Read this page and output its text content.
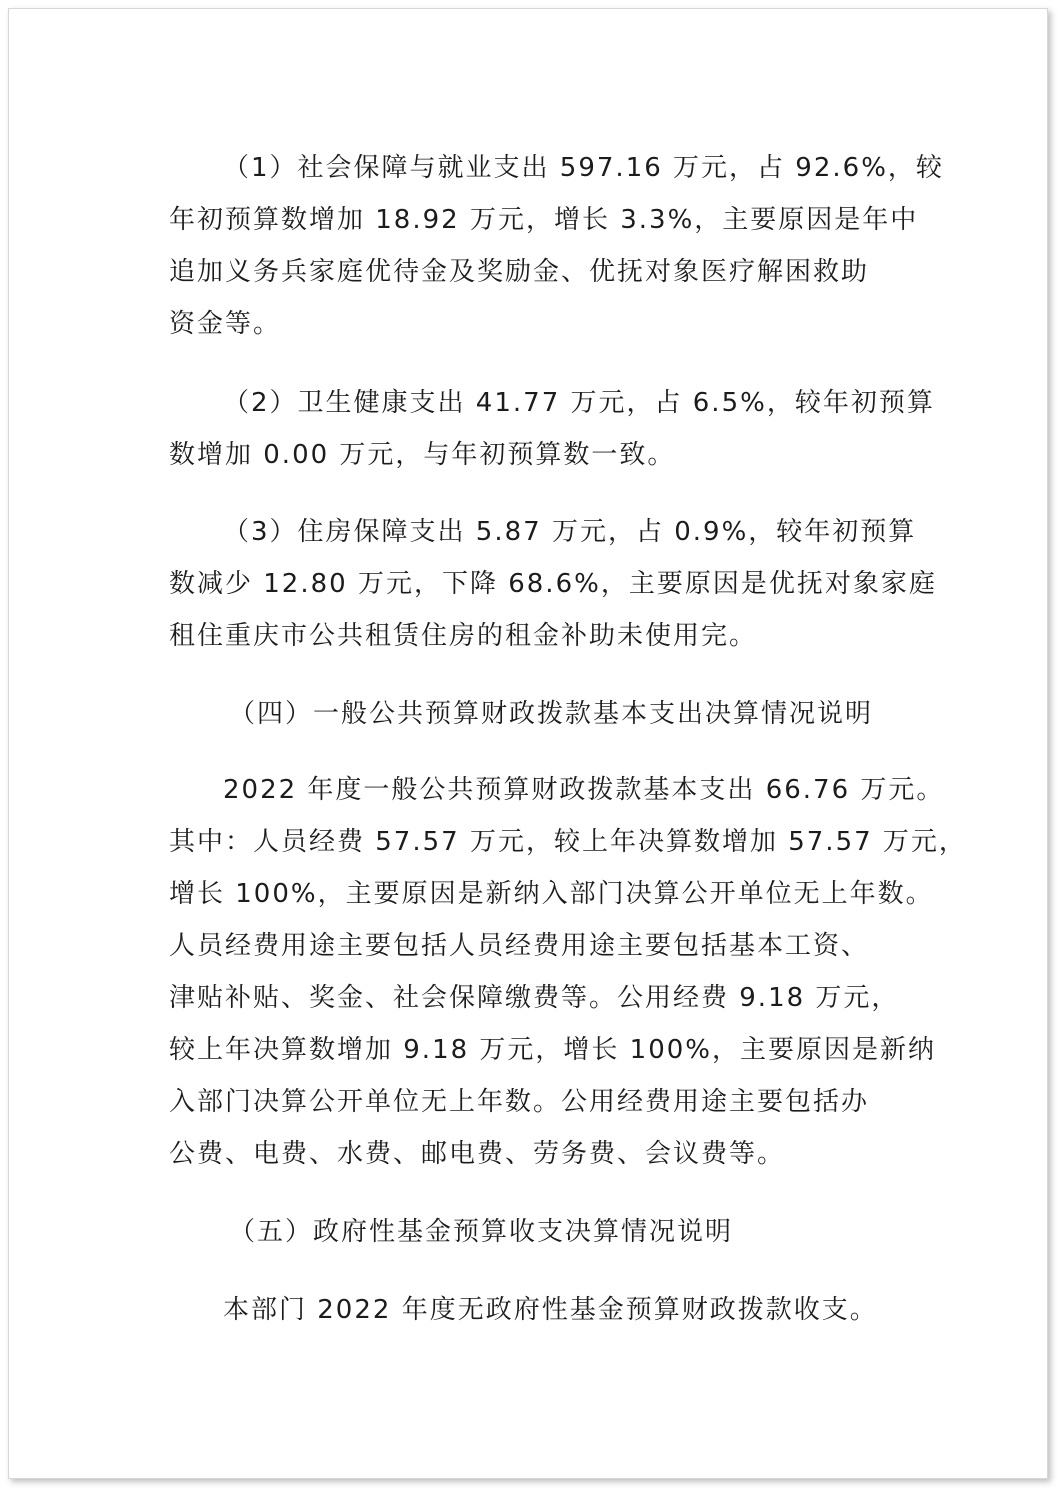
（1）社会保障与就业支出 597.16 万元，占 92.6%，较
年初预算数增加 18.92 万元，增长 3.3%，主要原因是年中
追加义务兵家庭优待金及奖励金、优抚对象医疗解困救助
资金等。
（2）卫生健康支出 41.77 万元，占 6.5%，较年初预算
数增加 0.00 万元，与年初预算数一致。
（3）住房保障支出 5.87 万元，占 0.9%，较年初预算
数减少 12.80 万元，下降 68.6%，主要原因是优抚对象家庭
租住重庆市公共租赁住房的租金补助未使用完。
（四）一般公共预算财政拨款基本支出决算情况说明
2022 年度一般公共预算财政拨款基本支出 66.76 万元。
其中：人员经费 57.57 万元，较上年决算数增加 57.57 万元，
增长 100%，主要原因是新纳入部门决算公开单位无上年数。
人员经费用途主要包括人员经费用途主要包括基本工资、
津贴补贴、奖金、社会保障缴费等。公用经费 9.18 万元，
较上年决算数增加 9.18 万元，增长 100%，主要原因是新纳
入部门决算公开单位无上年数。公用经费用途主要包括办
公费、电费、水费、邮电费、劳务费、会议费等。
（五）政府性基金预算收支决算情况说明
本部门 2022 年度无政府性基金预算财政拨款收支。
